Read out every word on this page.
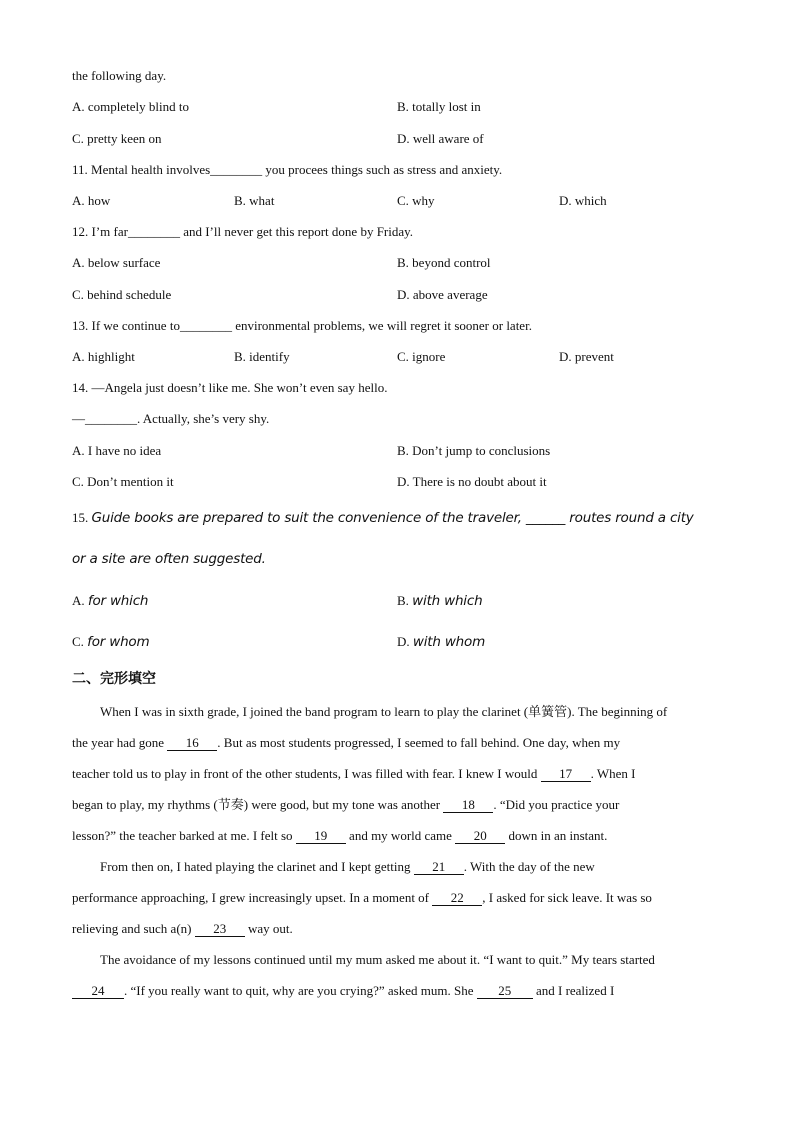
the following day.
A. completely blind to	B. totally lost in
C. pretty keen on	D. well aware of
11. Mental health involves________ you procees things such as stress and anxiety.
A. how	B. what	C. why	D. which
12. I’m far________ and I’ll never get this report done by Friday.
A. below surface	B. beyond control
C. behind schedule	D. above average
13. If we continue to________ environmental problems, we will regret it sooner or later.
A. highlight	B. identify	C. ignore	D. prevent
14. —Angela just doesn’t like me. She won’t even say hello.
—________. Actually, she’s very shy.
A. I have no idea	B. Don’t jump to conclusions
C. Don’t mention it	D. There is no doubt about it
15. Guide books are prepared to suit the convenience of the traveler, ______ routes round a city
or a site are often suggested.
A. for which	B. with which
C. for whom	D. with whom
二、完形填空
When I was in sixth grade, I joined the band program to learn to play the clarinet (单簧管). The beginning of
the year had gone 16 . But as most students progressed, I seemed to fall behind. One day, when my
teacher told us to play in front of the other students, I was filled with fear. I knew I would 17 . When I
began to play, my rhythms (节奏) were good, but my tone was another 18 . “Did you practice your
lesson?” the teacher barked at me. I felt so 19 and my world came 20 down in an instant.
From then on, I hated playing the clarinet and I kept getting 21 . With the day of the new
performance approaching, I grew increasingly upset. In a moment of 22 , I asked for sick leave. It was so
relieving and such a(n) 23 way out.
The avoidance of my lessons continued until my mum asked me about it. “I want to quit.” My tears started
24 . “If you really want to quit, why are you crying?” asked mum. She 25 and I realized I
